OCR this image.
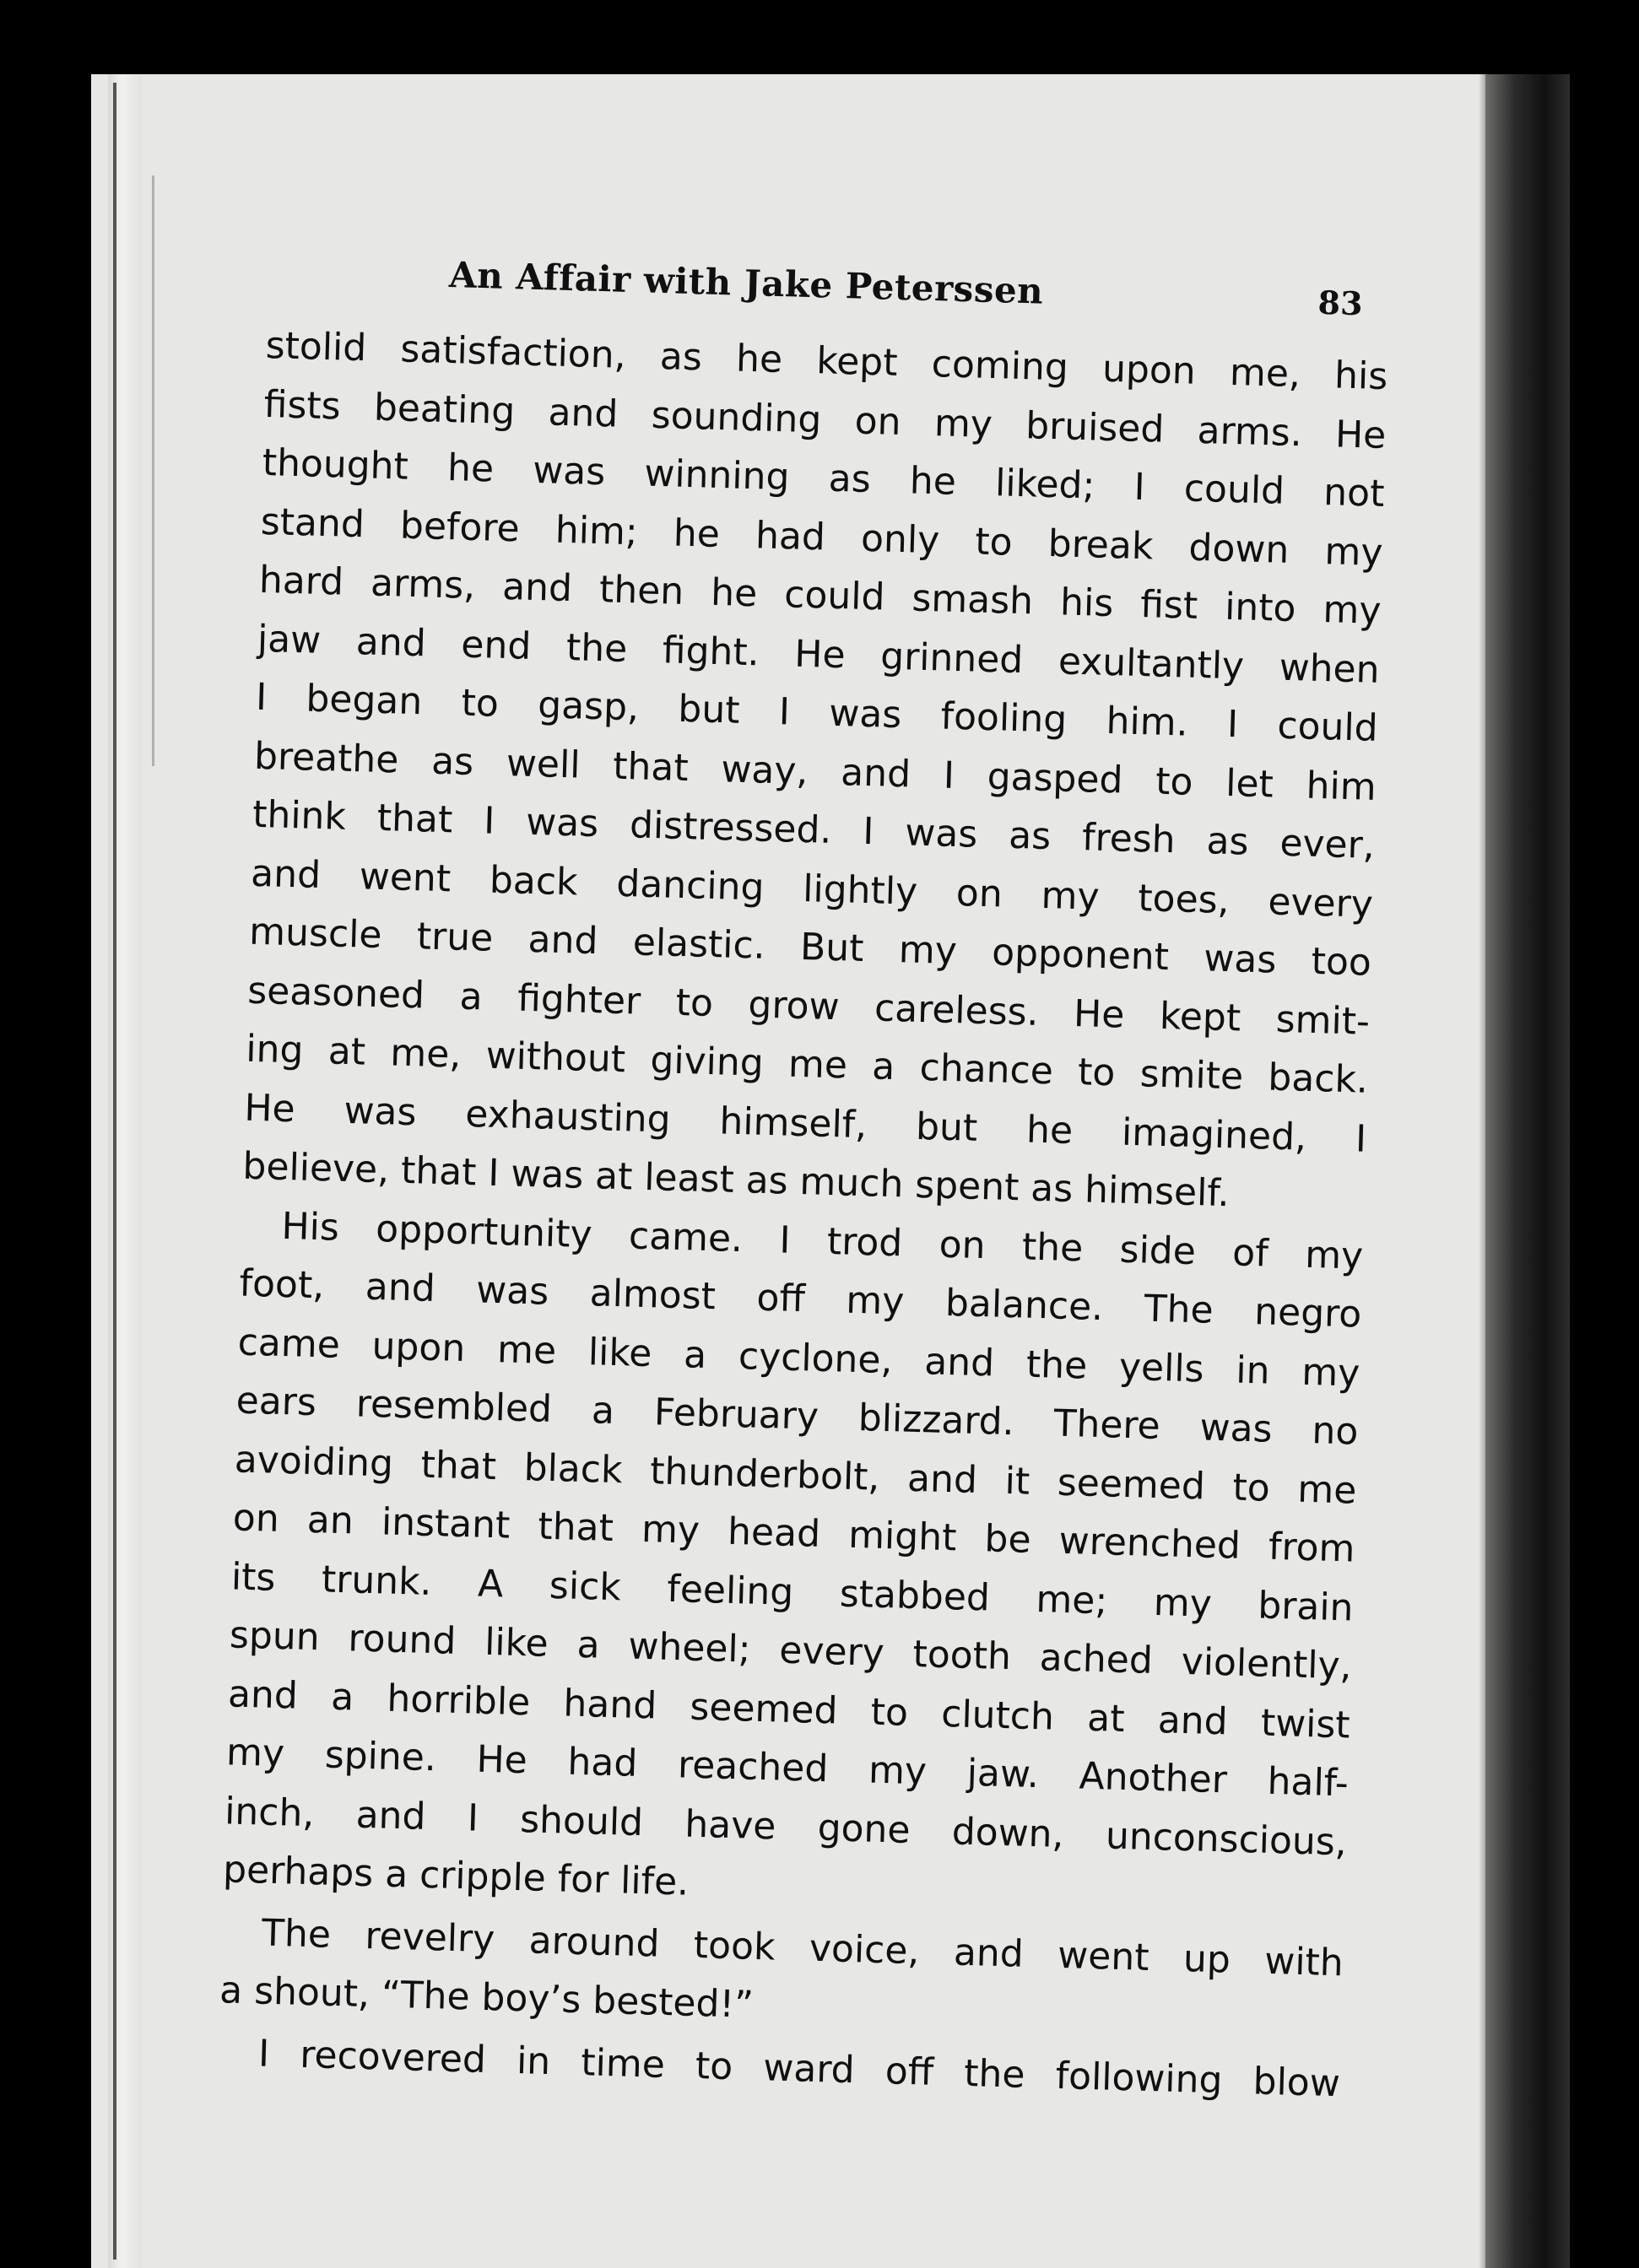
An Affair with Jake Peterssen	83
stolid satisfaction, as he kept coming upon me, his
fists beating and sounding on my bruised arms. He
thought he was winning as he liked; I could not
stand before him; he had only to break down my
hard arms, and then he could smash his fist into my
jaw and end the fight. He grinned exultantly when
I began to gasp, but I was fooling him. I could
breathe as well that way, and I gasped to let him
think that I was distressed. I was as fresh as ever,
and went back dancing lightly on my toes, every
muscle true and elastic. But my opponent was too
seasoned a fighter to grow careless. He kept smit-
ing at me, without giving me a chance to smite back.
He was exhausting himself, but he imagined, I
believe, that I was at least as much spent as himself.
His opportunity came. I trod on the side of my
foot, and was almost off my balance. The negro
came upon me like a cyclone, and the yells in my
ears resembled a February blizzard. There was no
avoiding that black thunderbolt, and it seemed to me
on an instant that my head might be wrenched from
its trunk. A sick feeling stabbed me; my brain
spun round like a wheel; every tooth ached violently,
and a horrible hand seemed to clutch at and twist
my spine. He had reached my jaw. Another half-
inch, and I should have gone down, unconscious,
perhaps a cripple for life.
The revelry around took voice, and went up with
a shout, “The boy’s bested!”
I recovered in time to ward off the following blow
